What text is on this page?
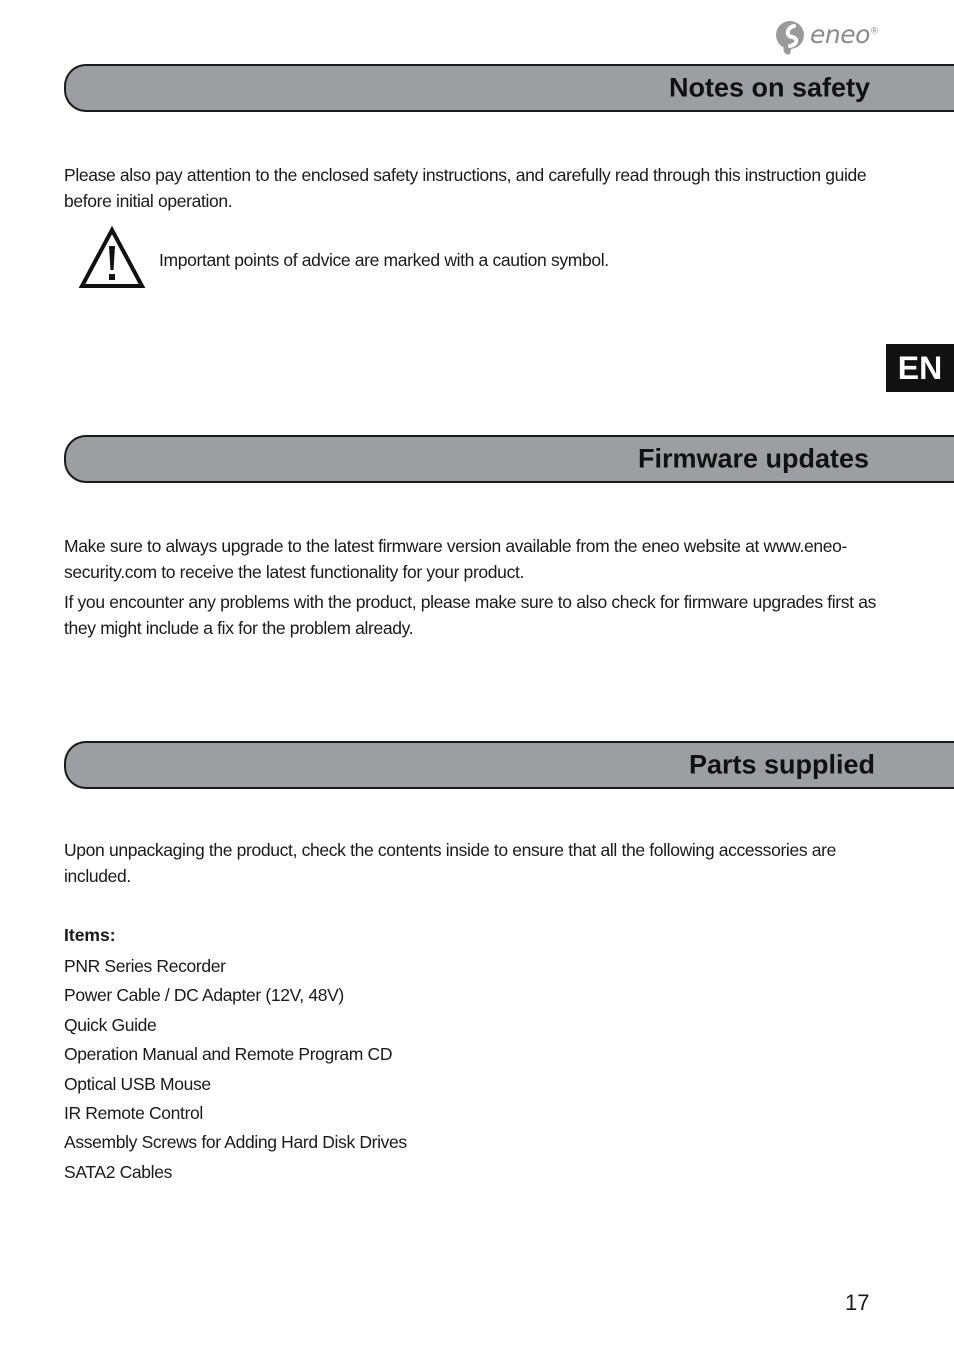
eneo®
Notes on safety

Please also pay attention to the enclosed safety instructions, and carefully read through this instruction guide before initial operation.

Important points of advice are marked with a caution symbol.
EN
Firmware updates

Make sure to always upgrade to the latest firmware version available from the eneo website at www.eneo-security.com to receive the latest functionality for your product.

If you encounter any problems with the product, please make sure to also check for firmware upgrades first as they might include a fix for the problem already.

Parts supplied

Upon unpackaging the product, check the contents inside to ensure that all the following accessories are included.

Items:
PNR Series Recorder
Power Cable / DC Adapter (12V, 48V)
Quick Guide
Operation Manual and Remote Program CD
Optical USB Mouse
IR Remote Control
Assembly Screws for Adding Hard Disk Drives
SATA2 Cables
17
